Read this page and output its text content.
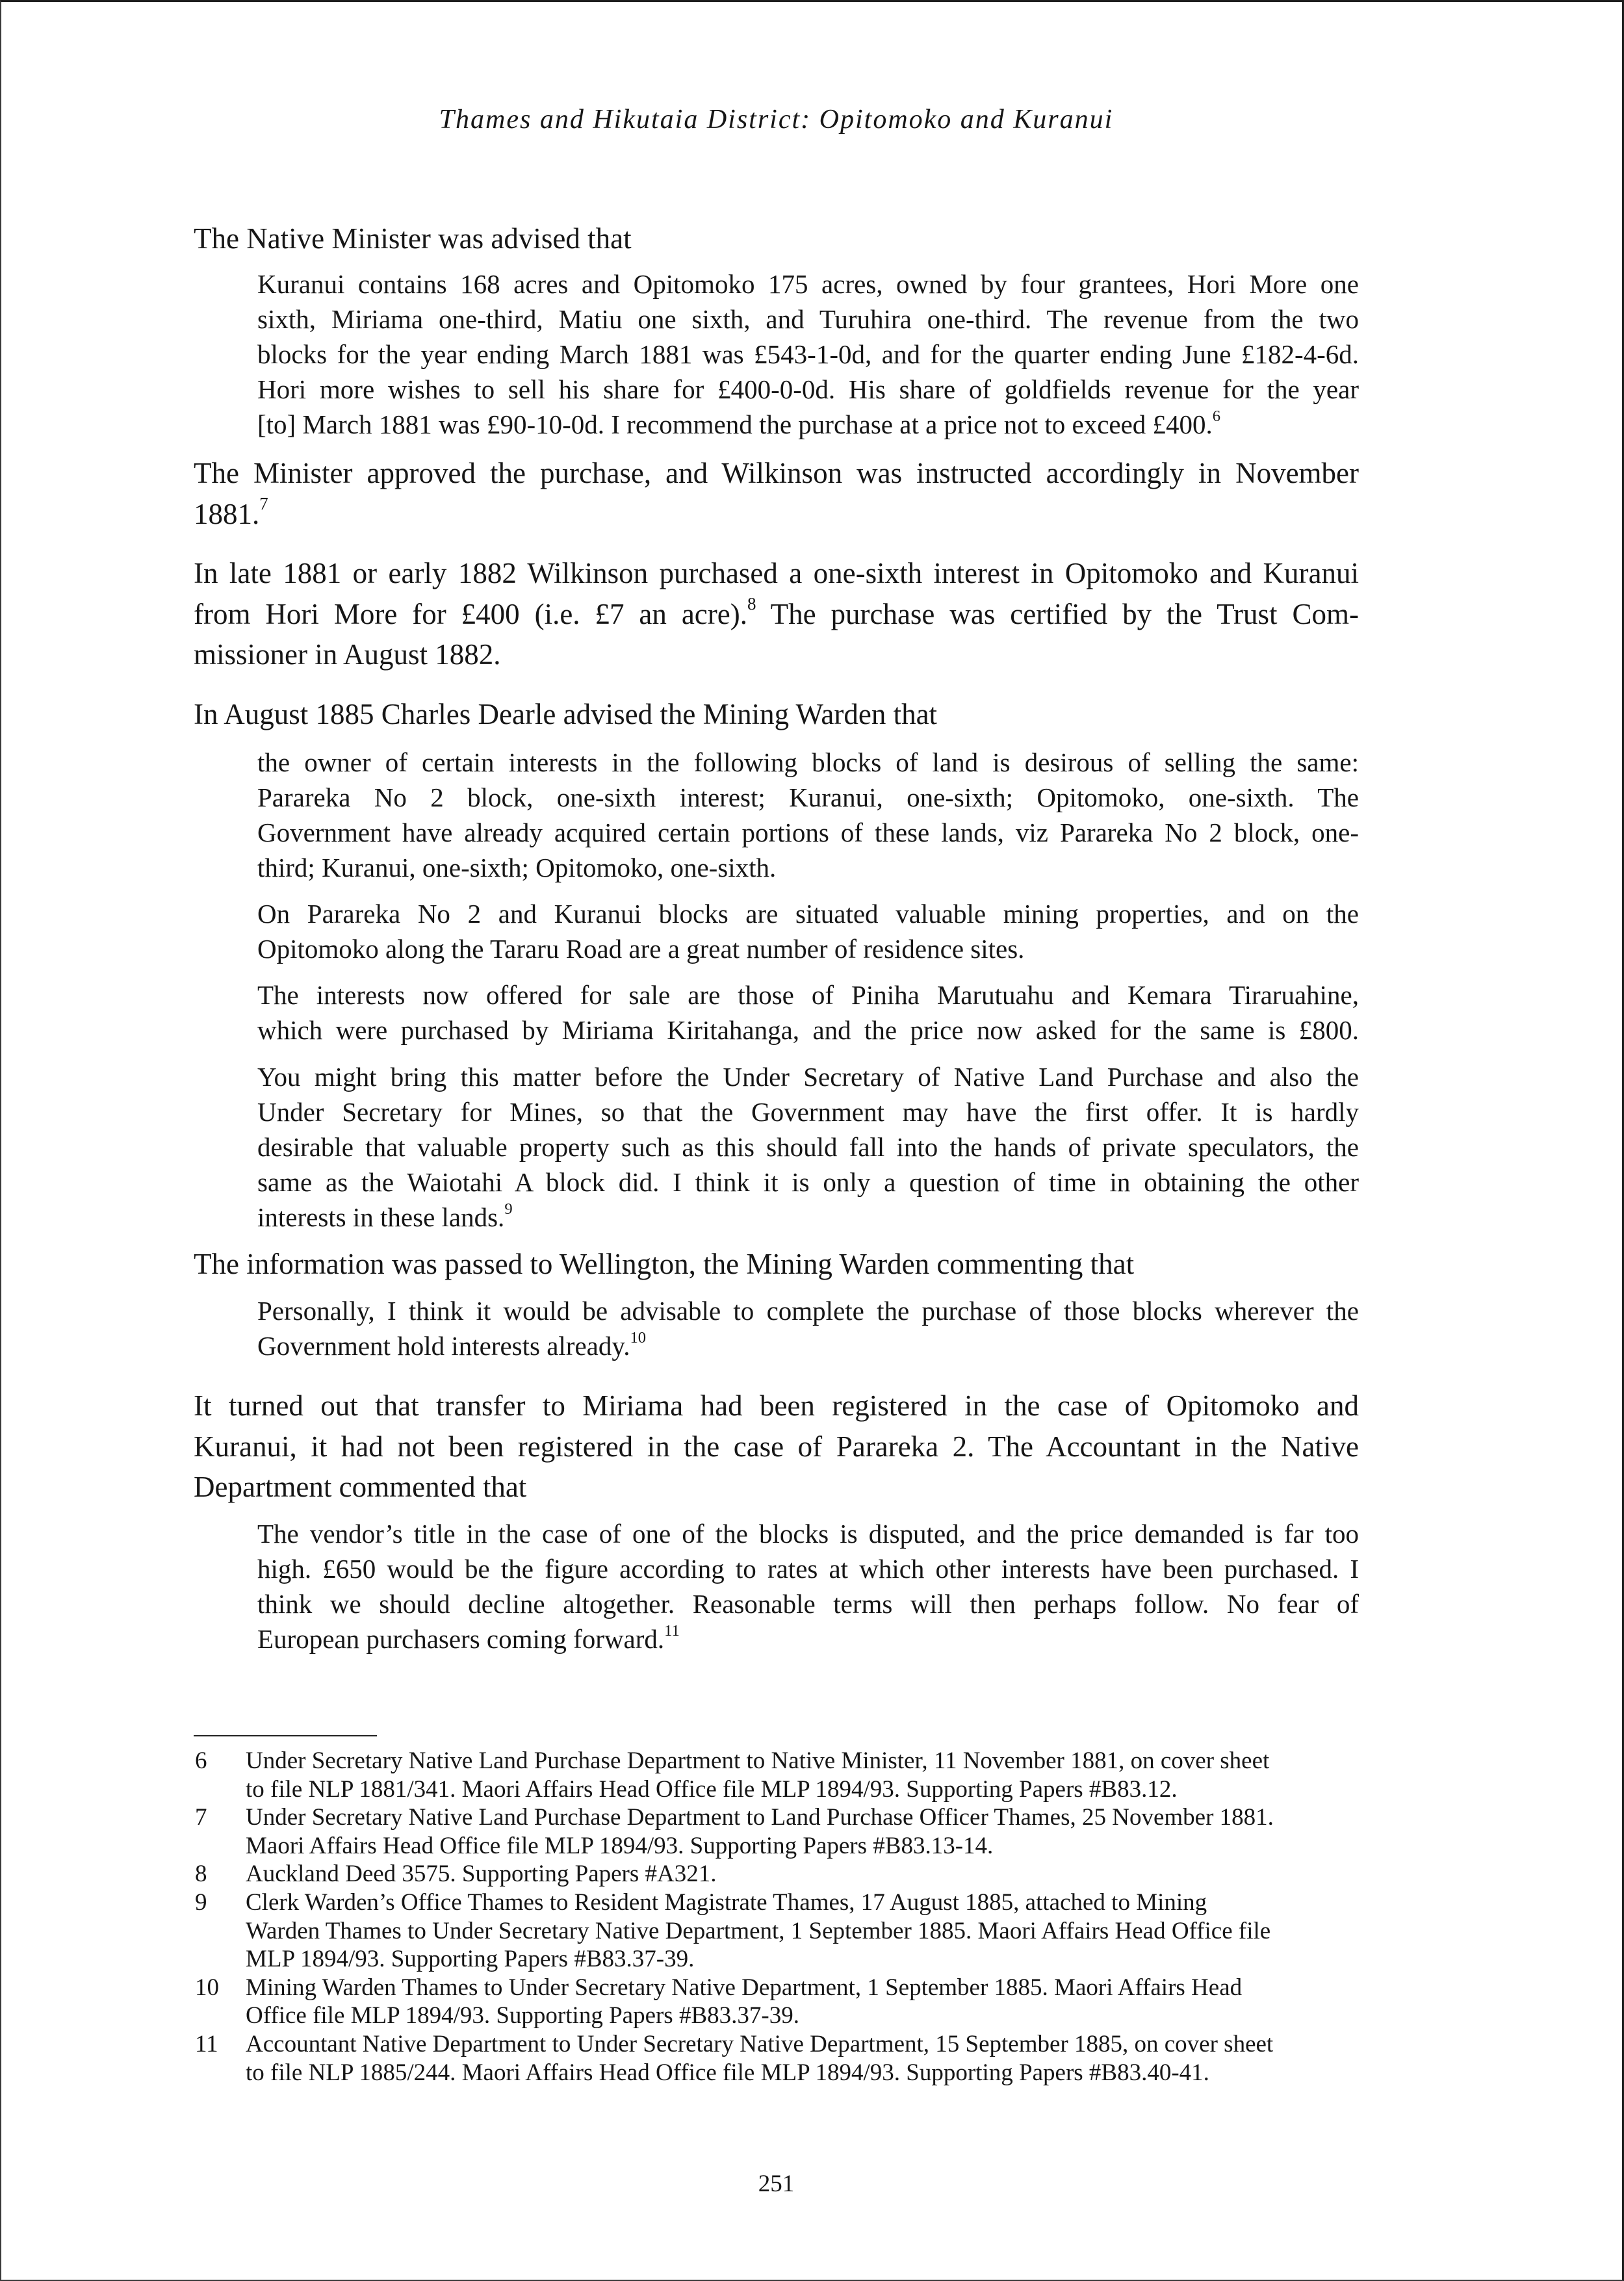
Thames and Hikutaia District: Opitomoko and Kuranui
The Native Minister was advised that
Kuranui contains 168 acres and Opitomoko 175 acres, owned by four grantees, Hori More one
sixth, Miriama one-third, Matiu one sixth, and Turuhira one-third. The revenue from the two
blocks for the year ending March 1881 was £543-1-0d, and for the quarter ending June £182-4-6d.
Hori more wishes to sell his share for £400-0-0d. His share of goldfields revenue for the year
[to] March 1881 was £90-10-0d. I recommend the purchase at a price not to exceed £400.$^6$
The Minister approved the purchase, and Wilkinson was instructed accordingly in November
1881.$^7$
In late 1881 or early 1882 Wilkinson purchased a one-sixth interest in Opitomoko and Kuranui
from Hori More for £400 (i.e. £7 an acre).$^8$ The purchase was certified by the Trust Com-
missioner in August 1882.
In August 1885 Charles Dearle advised the Mining Warden that
the owner of certain interests in the following blocks of land is desirous of selling the same:
Parareka No 2 block, one-sixth interest; Kuranui, one-sixth; Opitomoko, one-sixth. The
Government have already acquired certain portions of these lands, viz Parareka No 2 block, one-
third; Kuranui, one-sixth; Opitomoko, one-sixth.
On Parareka No 2 and Kuranui blocks are situated valuable mining properties, and on the
Opitomoko along the Tararu Road are a great number of residence sites.
The interests now offered for sale are those of Piniha Marutuahu and Kemara Tiraruahine,
which were purchased by Miriama Kiritahanga, and the price now asked for the same is £800.
You might bring this matter before the Under Secretary of Native Land Purchase and also the
Under Secretary for Mines, so that the Government may have the first offer. It is hardly
desirable that valuable property such as this should fall into the hands of private speculators, the
same as the Waiotahi A block did. I think it is only a question of time in obtaining the other
interests in these lands.$^9$
The information was passed to Wellington, the Mining Warden commenting that
Personally, I think it would be advisable to complete the purchase of those blocks wherever the
Government hold interests already.$^{10}$
It turned out that transfer to Miriama had been registered in the case of Opitomoko and
Kuranui, it had not been registered in the case of Parareka 2. The Accountant in the Native
Department commented that
The vendor’s title in the case of one of the blocks is disputed, and the price demanded is far too
high. £650 would be the figure according to rates at which other interests have been purchased. I
think we should decline altogether. Reasonable terms will then perhaps follow. No fear of
European purchasers coming forward.$^{11}$
6 Under Secretary Native Land Purchase Department to Native Minister, 11 November 1881, on cover sheet
to file NLP 1881/341. Maori Affairs Head Office file MLP 1894/93. Supporting Papers #B83.12.
7 Under Secretary Native Land Purchase Department to Land Purchase Officer Thames, 25 November 1881.
Maori Affairs Head Office file MLP 1894/93. Supporting Papers #B83.13-14.
8 Auckland Deed 3575. Supporting Papers #A321.
9 Clerk Warden’s Office Thames to Resident Magistrate Thames, 17 August 1885, attached to Mining
Warden Thames to Under Secretary Native Department, 1 September 1885. Maori Affairs Head Office file
MLP 1894/93. Supporting Papers #B83.37-39.
10 Mining Warden Thames to Under Secretary Native Department, 1 September 1885. Maori Affairs Head
Office file MLP 1894/93. Supporting Papers #B83.37-39.
11 Accountant Native Department to Under Secretary Native Department, 15 September 1885, on cover sheet
to file NLP 1885/244. Maori Affairs Head Office file MLP 1894/93. Supporting Papers #B83.40-41.
251
